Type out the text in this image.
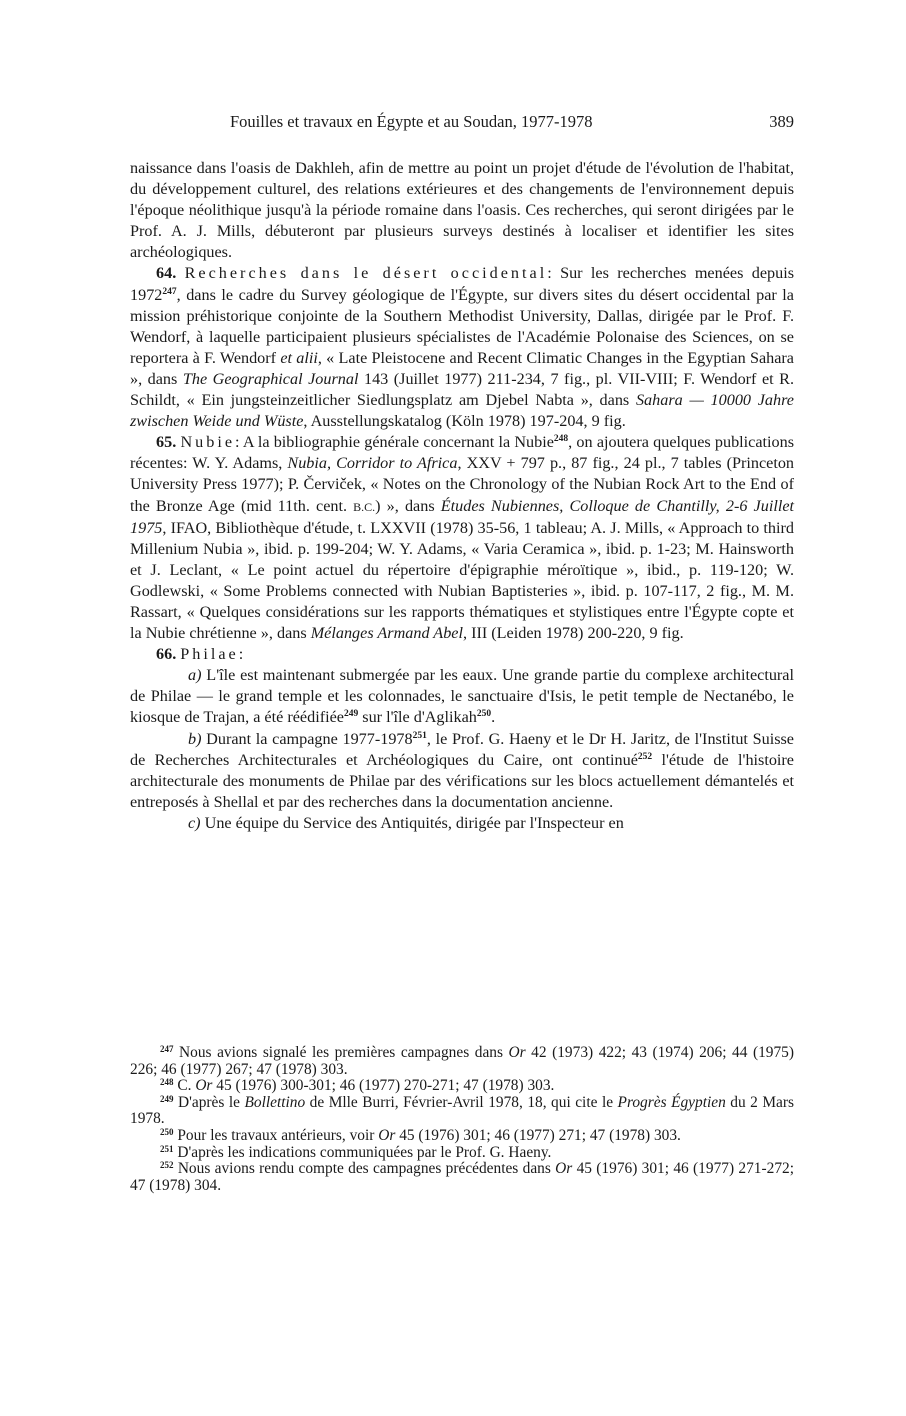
Fouilles et travaux en Égypte et au Soudan, 1977-1978	389

naissance dans l'oasis de Dakhleh, afin de mettre au point un projet d'étude de l'évolution de l'habitat, du développement culturel, des relations extérieures et des changements de l'environnement depuis l'époque néolithique jusqu'à la période romaine dans l'oasis. Ces recherches, qui seront dirigées par le Prof. A. J. Mills, débuteront par plusieurs surveys destinés à localiser et identifier les sites archéologiques.

64. Recherches dans le désert occidental: Sur les recherches menées depuis 1972$^{247}$, dans le cadre du Survey géologique de l'Égypte, sur divers sites du désert occidental par la mission préhistorique conjointe de la Southern Methodist University, Dallas, dirigée par le Prof. F. Wendorf, à laquelle participaient plusieurs spécialistes de l'Académie Polonaise des Sciences, on se reportera à F. Wendorf et alii, « Late Pleistocene and Recent Climatic Changes in the Egyptian Sahara », dans The Geographical Journal 143 (Juillet 1977) 211-234, 7 fig., pl. VII-VIII; F. Wendorf et R. Schildt, « Ein jungsteinzeitlicher Siedlungsplatz am Djebel Nabta », dans Sahara — 10000 Jahre zwischen Weide und Wüste, Ausstellungskatalog (Köln 1978) 197-204, 9 fig.

65. Nubie: A la bibliographie générale concernant la Nubie$^{248}$, on ajoutera quelques publications récentes: W. Y. Adams, Nubia, Corridor to Africa, XXV + 797 p., 87 fig., 24 pl., 7 tables (Princeton University Press 1977); P. Červiček, « Notes on the Chronology of the Nubian Rock Art to the End of the Bronze Age (mid 11th. cent. B.C.) », dans Études Nubiennes, Colloque de Chantilly, 2-6 Juillet 1975, IFAO, Bibliothèque d'étude, t. LXXVII (1978) 35-56, 1 tableau; A. J. Mills, « Approach to third Millenium Nubia », ibid. p. 199-204; W. Y. Adams, « Varia Ceramica », ibid. p. 1-23; M. Hainsworth et J. Leclant, « Le point actuel du répertoire d'épigraphie méroïtique », ibid., p. 119-120; W. Godlewski, « Some Problems connected with Nubian Baptisteries », ibid. p. 107-117, 2 fig., M. M. Rassart, « Quelques considérations sur les rapports thématiques et stylistiques entre l'Égypte copte et la Nubie chrétienne », dans Mélanges Armand Abel, III (Leiden 1978) 200-220, 9 fig.

66. Philae:

a) L'île est maintenant submergée par les eaux. Une grande partie du complexe architectural de Philae — le grand temple et les colonnades, le sanctuaire d'Isis, le petit temple de Nectanébo, le kiosque de Trajan, a été réédifiée$^{249}$ sur l'île d'Aglikah$^{250}$.

b) Durant la campagne 1977-1978$^{251}$, le Prof. G. Haeny et le Dr H. Jaritz, de l'Institut Suisse de Recherches Architecturales et Archéologiques du Caire, ont continué$^{252}$ l'étude de l'histoire architecturale des monuments de Philae par des vérifications sur les blocs actuellement démantelés et entreposés à Shellal et par des recherches dans la documentation ancienne.

c) Une équipe du Service des Antiquités, dirigée par l'Inspecteur en

$^{247}$ Nous avions signalé les premières campagnes dans Or 42 (1973) 422; 43 (1974) 206; 44 (1975) 226; 46 (1977) 267; 47 (1978) 303.

$^{248}$ C. Or 45 (1976) 300-301; 46 (1977) 270-271; 47 (1978) 303.

$^{249}$ D'après le Bollettino de Mlle Burri, Février-Avril 1978, 18, qui cite le Progrès Égyptien du 2 Mars 1978.

$^{250}$ Pour les travaux antérieurs, voir Or 45 (1976) 301; 46 (1977) 271; 47 (1978) 303.

$^{251}$ D'après les indications communiquées par le Prof. G. Haeny.

$^{252}$ Nous avions rendu compte des campagnes précédentes dans Or 45 (1976) 301; 46 (1977) 271-272; 47 (1978) 304.
